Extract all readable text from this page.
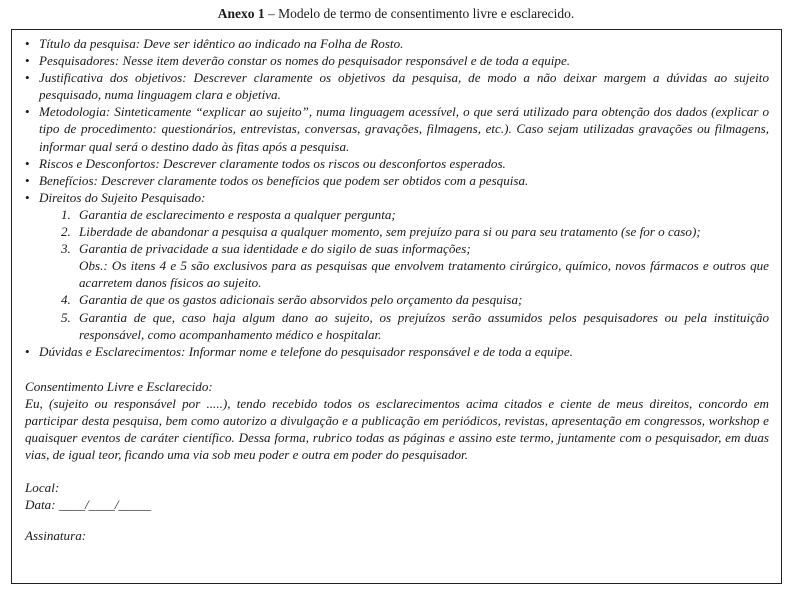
Anexo 1 – Modelo de termo de consentimento livre e esclarecido.
• Título da pesquisa: Deve ser idêntico ao indicado na Folha de Rosto.
• Pesquisadores: Nesse item deverão constar os nomes do pesquisador responsável e de toda a equipe.
• Justificativa dos objetivos: Descrever claramente os objetivos da pesquisa, de modo a não deixar margem a dúvidas ao sujeito pesquisado, numa linguagem clara e objetiva.
• Metodologia: Sinteticamente “explicar ao sujeito”, numa linguagem acessível, o que será utilizado para obtenção dos dados (explicar o tipo de procedimento: questionários, entrevistas, conversas, gravações, filmagens, etc.). Caso sejam utilizadas gravações ou filmagens, informar qual será o destino dado às fitas após a pesquisa.
• Riscos e Desconfortos: Descrever claramente todos os riscos ou desconfortos esperados.
• Benefícios: Descrever claramente todos os benefícios que podem ser obtidos com a pesquisa.
• Direitos do Sujeito Pesquisado:
1. Garantia de esclarecimento e resposta a qualquer pergunta;
2. Liberdade de abandonar a pesquisa a qualquer momento, sem prejuízo para si ou para seu tratamento (se for o caso);
3. Garantia de privacidade a sua identidade e do sigilo de suas informações;
Obs.: Os itens 4 e 5 são exclusivos para as pesquisas que envolvem tratamento cirúrgico, químico, novos fármacos e outros que acarretem danos físicos ao sujeito.
4. Garantia de que os gastos adicionais serão absorvidos pelo orçamento da pesquisa;
5. Garantia de que, caso haja algum dano ao sujeito, os prejuízos serão assumidos pelos pesquisadores ou pela instituição responsável, como acompanhamento médico e hospitalar.
• Dúvidas e Esclarecimentos: Informar nome e telefone do pesquisador responsável e de toda a equipe.

Consentimento Livre e Esclarecido:

Eu, (sujeito ou responsável por .....), tendo recebido todos os esclarecimentos acima citados e ciente de meus direitos, concordo em participar desta pesquisa, bem como autorizo a divulgação e a publicação em periódicos, revistas, apresentação em congressos, workshop e quaisquer eventos de caráter científico. Dessa forma, rubrico todas as páginas e assino este termo, juntamente com o pesquisador, em duas vias, de igual teor, ficando uma via sob meu poder e outra em poder do pesquisador.

Local:
Data: ____/____/_____
Assinatura:
